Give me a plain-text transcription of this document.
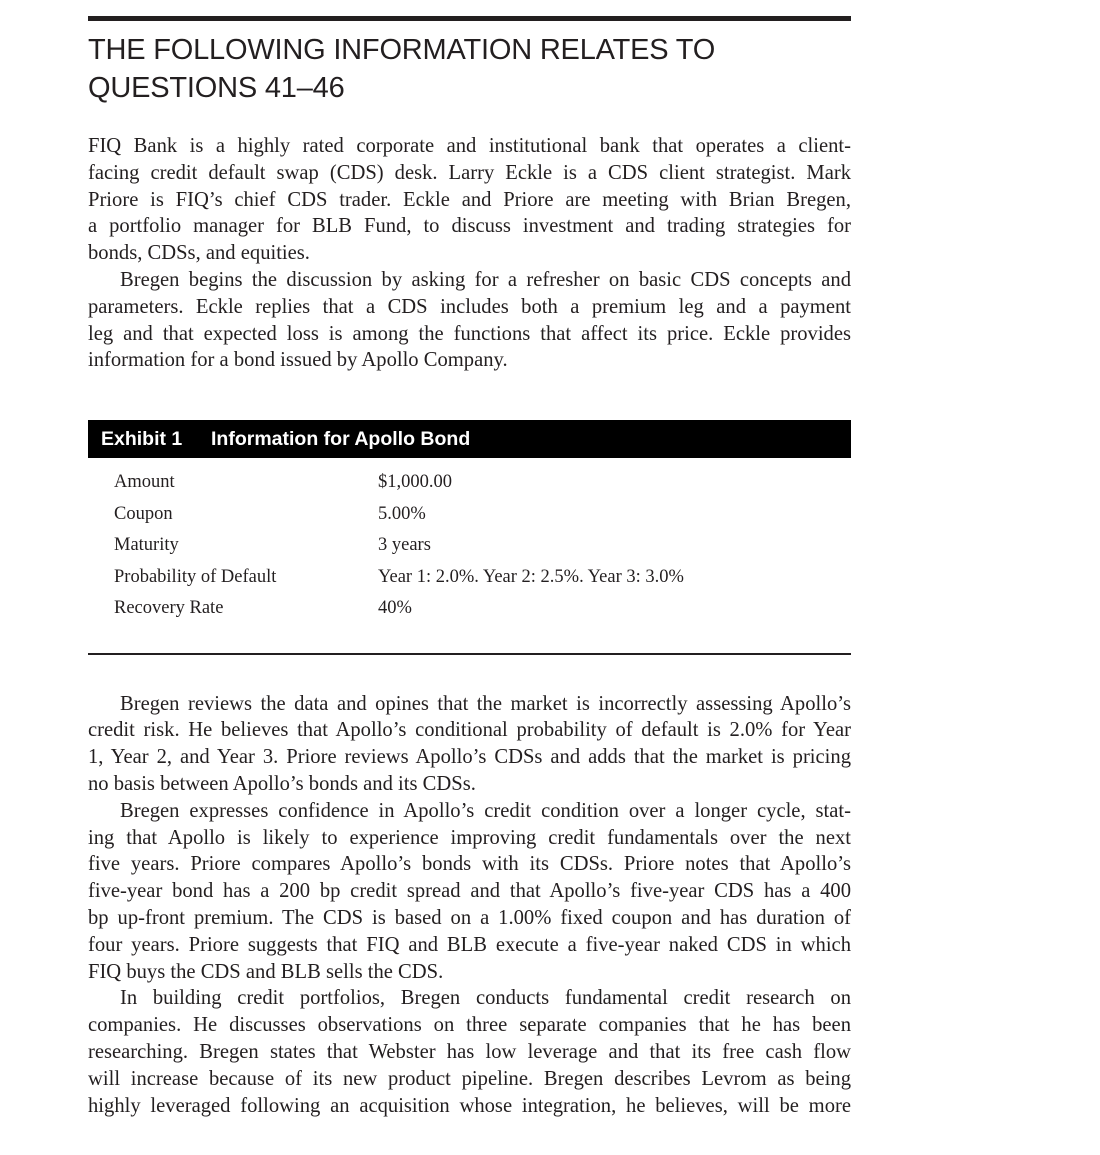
THE FOLLOWING INFORMATION RELATES TO
QUESTIONS 41–46
FIQ Bank is a highly rated corporate and institutional bank that operates a client-
facing credit default swap (CDS) desk. Larry Eckle is a CDS client strategist. Mark
Priore is FIQ’s chief CDS trader. Eckle and Priore are meeting with Brian Bregen,
a portfolio manager for BLB Fund, to discuss investment and trading strategies for
bonds, CDSs, and equities.
Bregen begins the discussion by asking for a refresher on basic CDS concepts and
parameters. Eckle replies that a CDS includes both a premium leg and a payment
leg and that expected loss is among the functions that affect its price. Eckle provides
information for a bond issued by Apollo Company.
Exhibit 1	Information for Apollo Bond
Amount	$1,000.00
Coupon	5.00%
Maturity	3 years
Probability of Default	Year 1: 2.0%. Year 2: 2.5%. Year 3: 3.0%
Recovery Rate	40%
Bregen reviews the data and opines that the market is incorrectly assessing Apollo’s
credit risk. He believes that Apollo’s conditional probability of default is 2.0% for Year
1, Year 2, and Year 3. Priore reviews Apollo’s CDSs and adds that the market is pricing
no basis between Apollo’s bonds and its CDSs.
Bregen expresses confidence in Apollo’s credit condition over a longer cycle, stat-
ing that Apollo is likely to experience improving credit fundamentals over the next
five years. Priore compares Apollo’s bonds with its CDSs. Priore notes that Apollo’s
five-year bond has a 200 bp credit spread and that Apollo’s five-year CDS has a 400
bp up-front premium. The CDS is based on a 1.00% fixed coupon and has duration of
four years. Priore suggests that FIQ and BLB execute a five-year naked CDS in which
FIQ buys the CDS and BLB sells the CDS.
In building credit portfolios, Bregen conducts fundamental credit research on
companies. He discusses observations on three separate companies that he has been
researching. Bregen states that Webster has low leverage and that its free cash flow
will increase because of its new product pipeline. Bregen describes Levrom as being
highly leveraged following an acquisition whose integration, he believes, will be more
